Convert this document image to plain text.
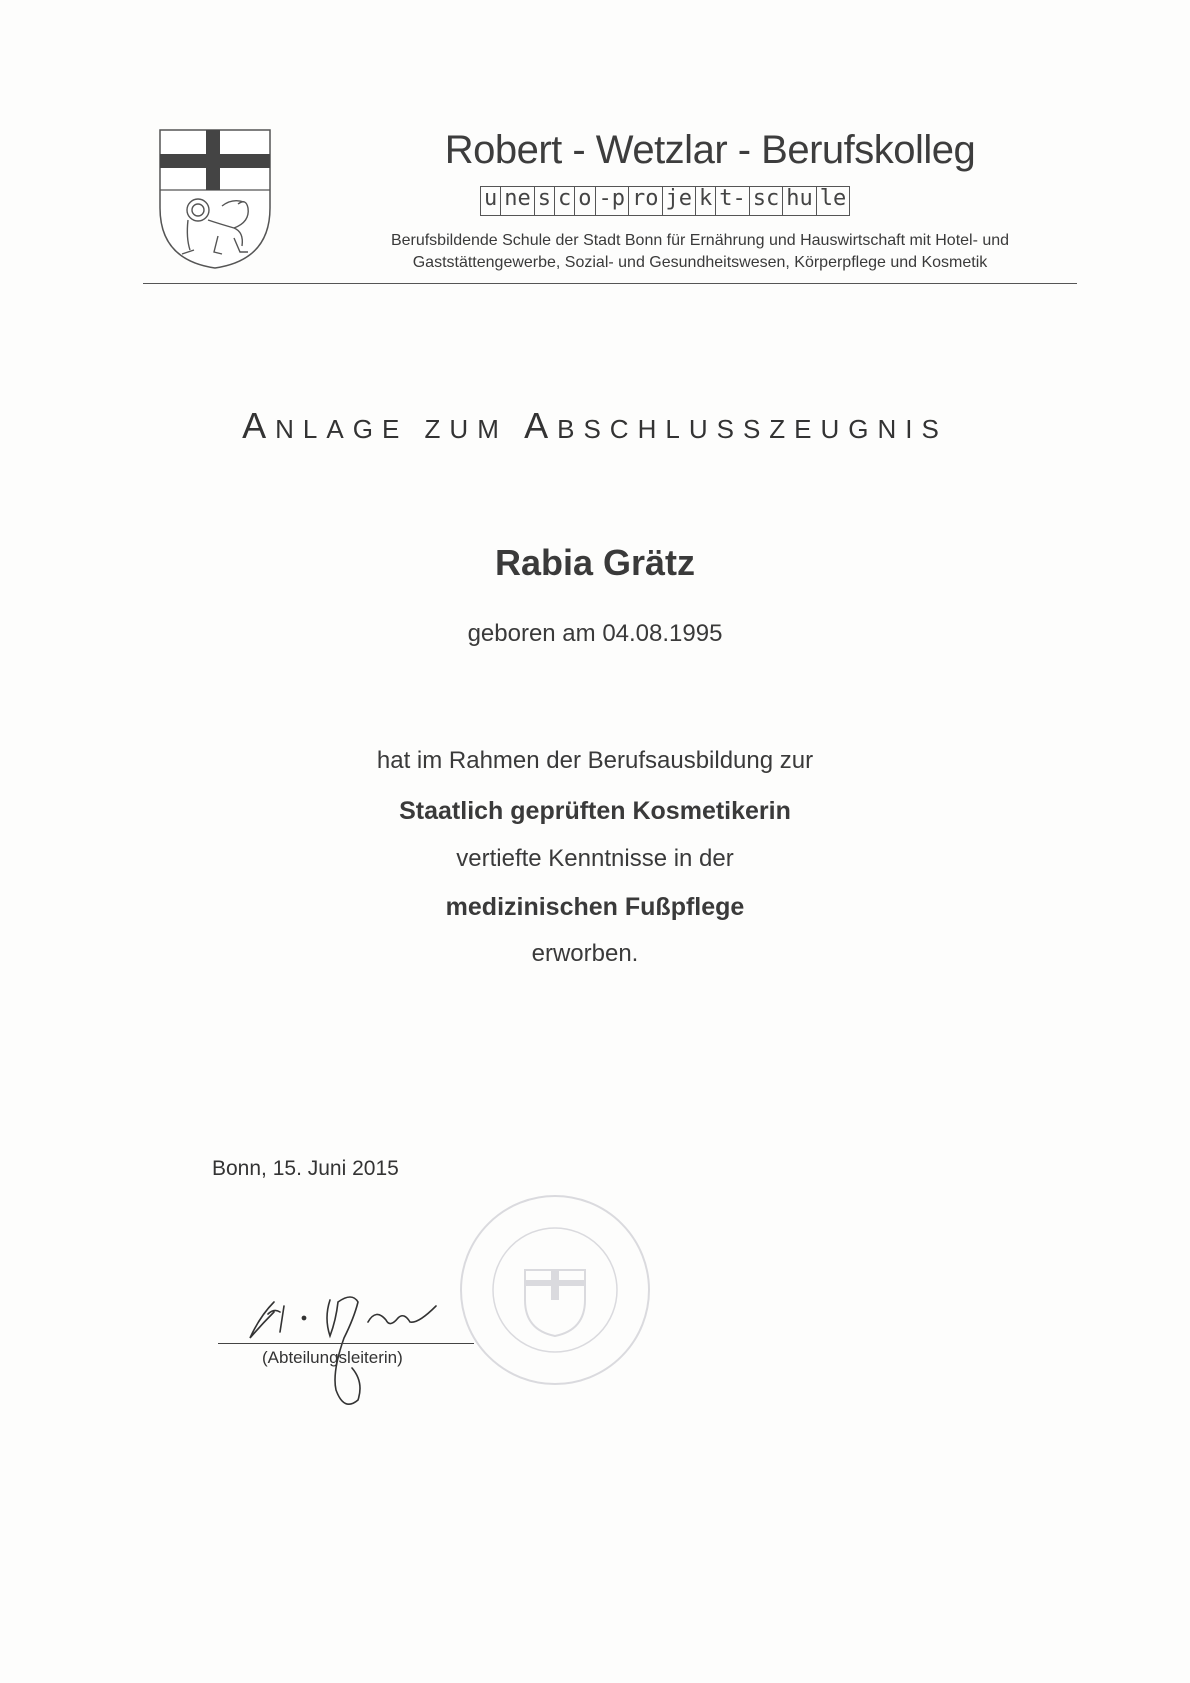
Robert - Wetzlar - Berufskolleg
u ne s c o -p ro je k t- sc hu le
Berufsbildende Schule der Stadt Bonn für Ernährung und Hauswirtschaft mit Hotel- und
Gaststättengewerbe, Sozial- und Gesundheitswesen, Körperpflege und Kosmetik
ANLAGE ZUM ABSCHLUSSZEUGNIS
Rabia Grätz
geboren am 04.08.1995
hat im Rahmen der Berufsausbildung zur
Staatlich geprüften Kosmetikerin
vertiefte Kenntnisse in der
medizinischen Fußpflege
erworben.
Bonn, 15. Juni 2015
(Abteilungsleiterin)
